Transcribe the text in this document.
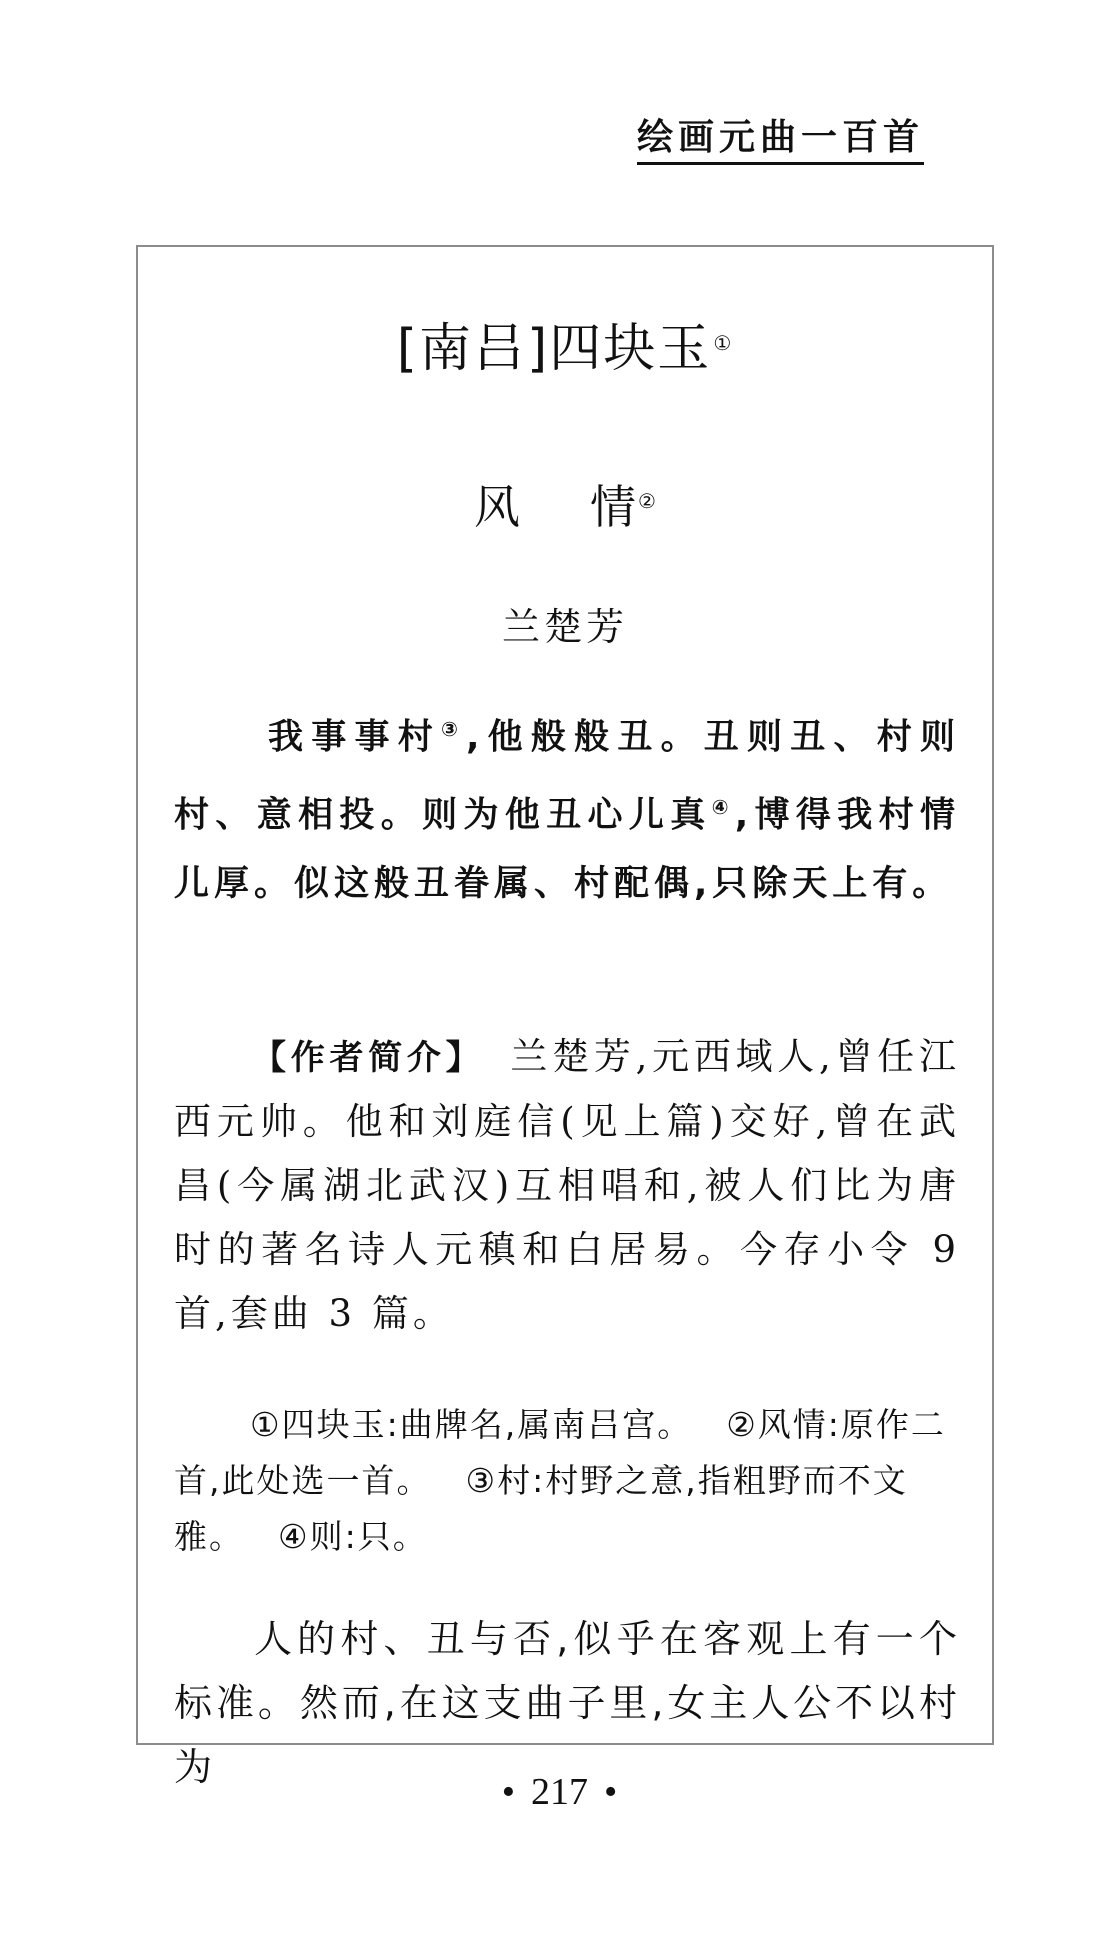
绘画元曲一百首
[南吕]四块玉 ①
风 情 ②
兰楚芳
我事事村③,他般般丑。丑则丑、村则村、意相投。则为他丑心儿真④,博得我村情儿厚。似这般丑眷属、村配偶,只除天上有。
【作者简介】 兰楚芳,元西域人,曾任江西元帅。他和刘庭信(见上篇)交好,曾在武昌(今属湖北武汉)互相唱和,被人们比为唐时的著名诗人元稹和白居易。今存小令 9 首,套曲 3 篇。
①四块玉:曲牌名,属南吕宫。 ②风情:原作二首,此处选一首。 ③村:村野之意,指粗野而不文雅。 ④则:只。
人的村、丑与否,似乎在客观上有一个标准。然而,在这支曲子里,女主人公不以村为
• 217 •
